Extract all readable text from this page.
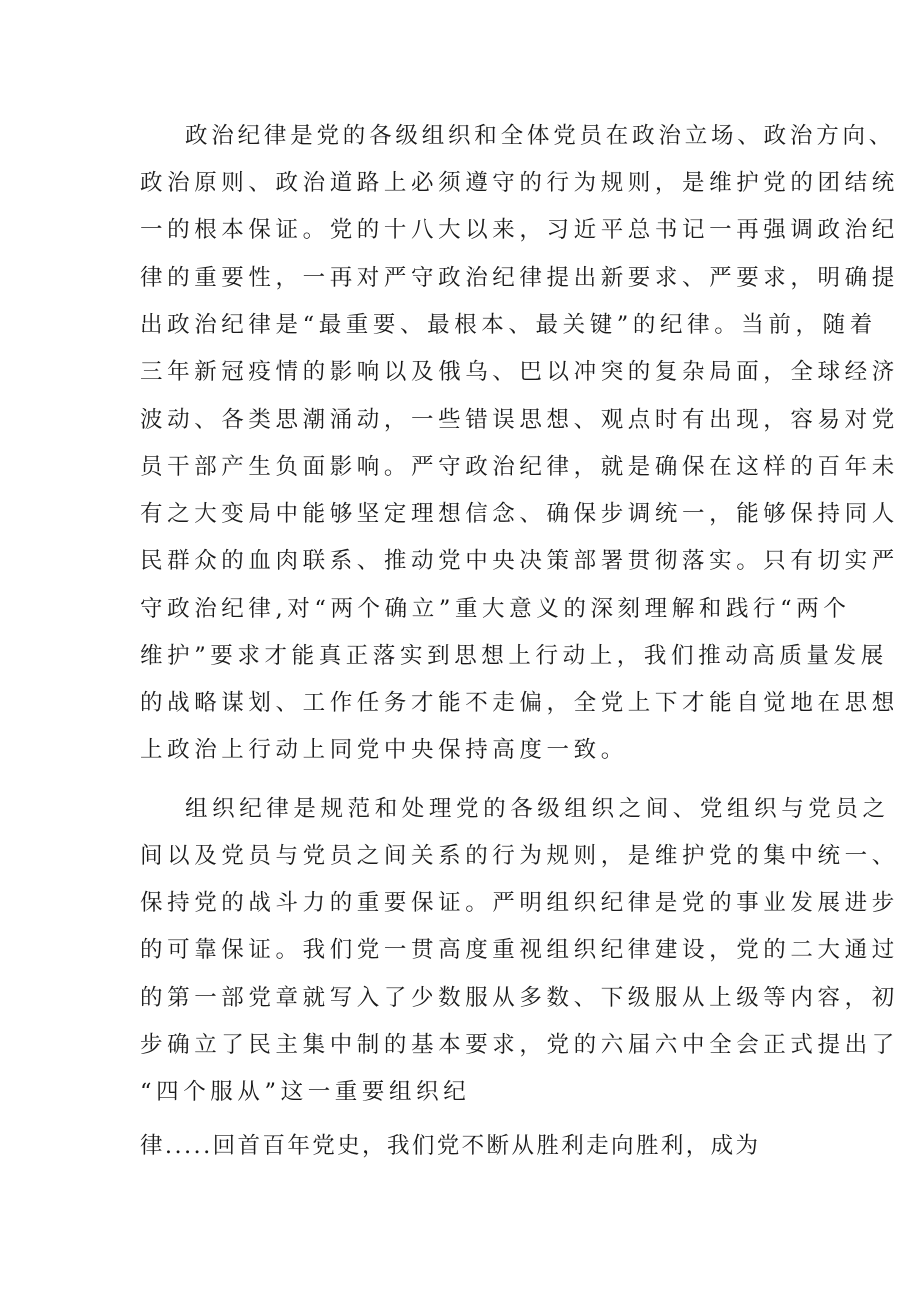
政治纪律是党的各级组织和全体党员在政治立场、政治方向、
政治原则、政治道路上必须遵守的行为规则，是维护党的团结统
一的根本保证。党的十八大以来，习近平总书记一再强调政治纪
律的重要性，一再对严守政治纪律提出新要求、严要求，明确提
出政治纪律是“最重要、最根本、最关键”的纪律。当前，随着
三年新冠疫情的影响以及俄乌、巴以冲突的复杂局面，全球经济
波动、各类思潮涌动，一些错误思想、观点时有出现，容易对党
员干部产生负面影响。严守政治纪律，就是确保在这样的百年未
有之大变局中能够坚定理想信念、确保步调统一，能够保持同人
民群众的血肉联系、推动党中央决策部署贯彻落实。只有切实严
守政治纪律,对“两个确立”重大意义的深刻理解和践行“两个
维护”要求才能真正落实到思想上行动上，我们推动高质量发展
的战略谋划、工作任务才能不走偏，全党上下才能自觉地在思想
上政治上行动上同党中央保持高度一致。
组织纪律是规范和处理党的各级组织之间、党组织与党员之
间以及党员与党员之间关系的行为规则，是维护党的集中统一、
保持党的战斗力的重要保证。严明组织纪律是党的事业发展进步
的可靠保证。我们党一贯高度重视组织纪律建设，党的二大通过
的第一部党章就写入了少数服从多数、下级服从上级等内容，初
步确立了民主集中制的基本要求，党的六届六中全会正式提出了
“四个服从”这一重要组织纪
律.....回首百年党史，我们党不断从胜利走向胜利，成为
